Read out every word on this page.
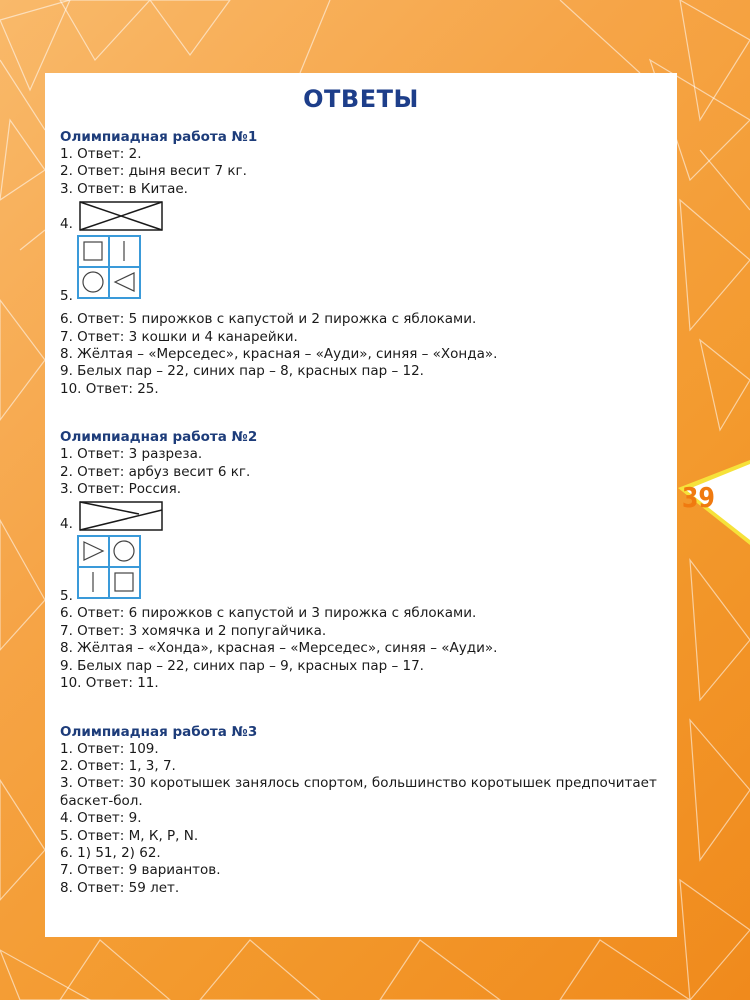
39
ОТВЕТЫ

Олимпиадная работа №1

1. Ответ: 2.

2. Ответ: дыня весит 7 кг.

3. Ответ: в Китае.

4.
5.

6. Ответ: 5 пирожков с капустой и 2 пирожка с яблоками.

7. Ответ: 3 кошки и 4 канарейки.

8. Жёлтая – «Мерседес», красная – «Ауди», синяя – «Хонда».

9. Белых пар – 22, синих пар – 8, красных пар – 12.

10. Ответ: 25.

Олимпиадная работа №2

1. Ответ: 3 разреза.

2. Ответ: арбуз весит 6 кг.

3. Ответ: Россия.

4.
5.

6. Ответ: 6 пирожков с капустой и 3 пирожка с яблоками.

7. Ответ: 3 хомячка и 2 попугайчика.

8. Жёлтая – «Хонда», красная – «Мерседес», синяя – «Ауди».

9. Белых пар – 22, синих пар – 9, красных пар – 17.

10. Ответ: 11.

Олимпиадная работа №3

1. Ответ: 109.

2. Ответ: 1, 3, 7.

3. Ответ: 30 коротышек занялось спортом, большинство коротышек предпочитает баскет-бол.

4. Ответ: 9.

5. Ответ: М, К, Р, N.

6. 1) 51, 2) 62.

7. Ответ: 9 вариантов.

8. Ответ: 59 лет.
